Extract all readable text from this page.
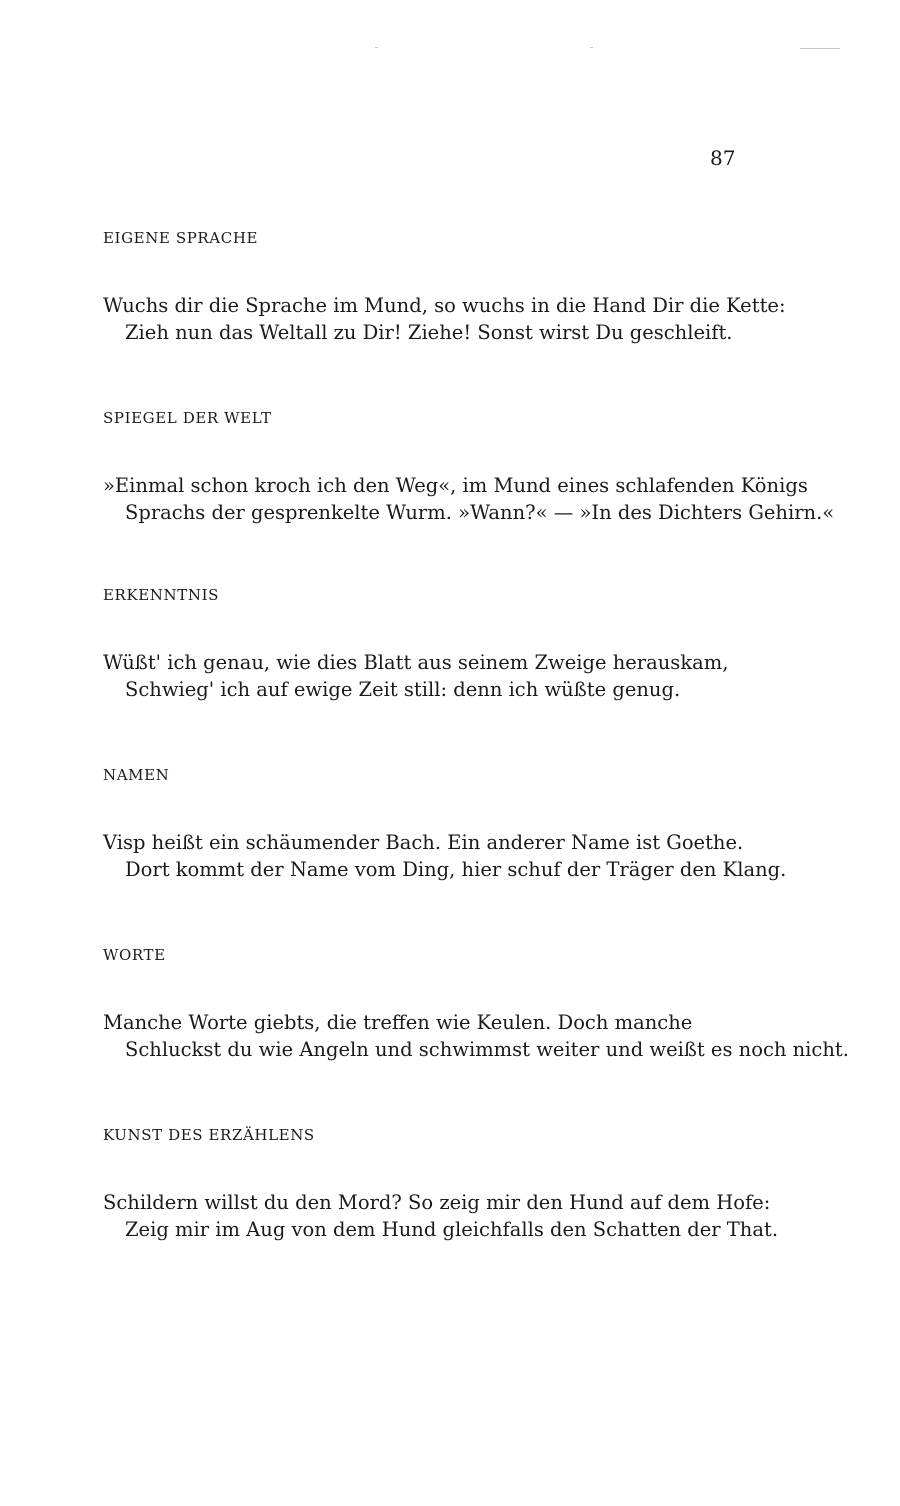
87
EIGENE SPRACHE
Wuchs dir die Sprache im Mund, so wuchs in die Hand Dir die Kette:
Zieh nun das Weltall zu Dir! Ziehe! Sonst wirst Du geschleift.
SPIEGEL DER WELT
»Einmal schon kroch ich den Weg«, im Mund eines schlafenden Königs
Sprachs der gesprenkelte Wurm. »Wann?« — »In des Dichters Gehirn.«
ERKENNTNIS
Wüßt' ich genau, wie dies Blatt aus seinem Zweige herauskam,
Schwieg' ich auf ewige Zeit still: denn ich wüßte genug.
NAMEN
Visp heißt ein schäumender Bach. Ein anderer Name ist Goethe.
Dort kommt der Name vom Ding, hier schuf der Träger den Klang.
WORTE
Manche Worte giebts, die treffen wie Keulen. Doch manche
Schluckst du wie Angeln und schwimmst weiter und weißt es noch nicht.
KUNST DES ERZÄHLENS
Schildern willst du den Mord? So zeig mir den Hund auf dem Hofe:
Zeig mir im Aug von dem Hund gleichfalls den Schatten der That.
